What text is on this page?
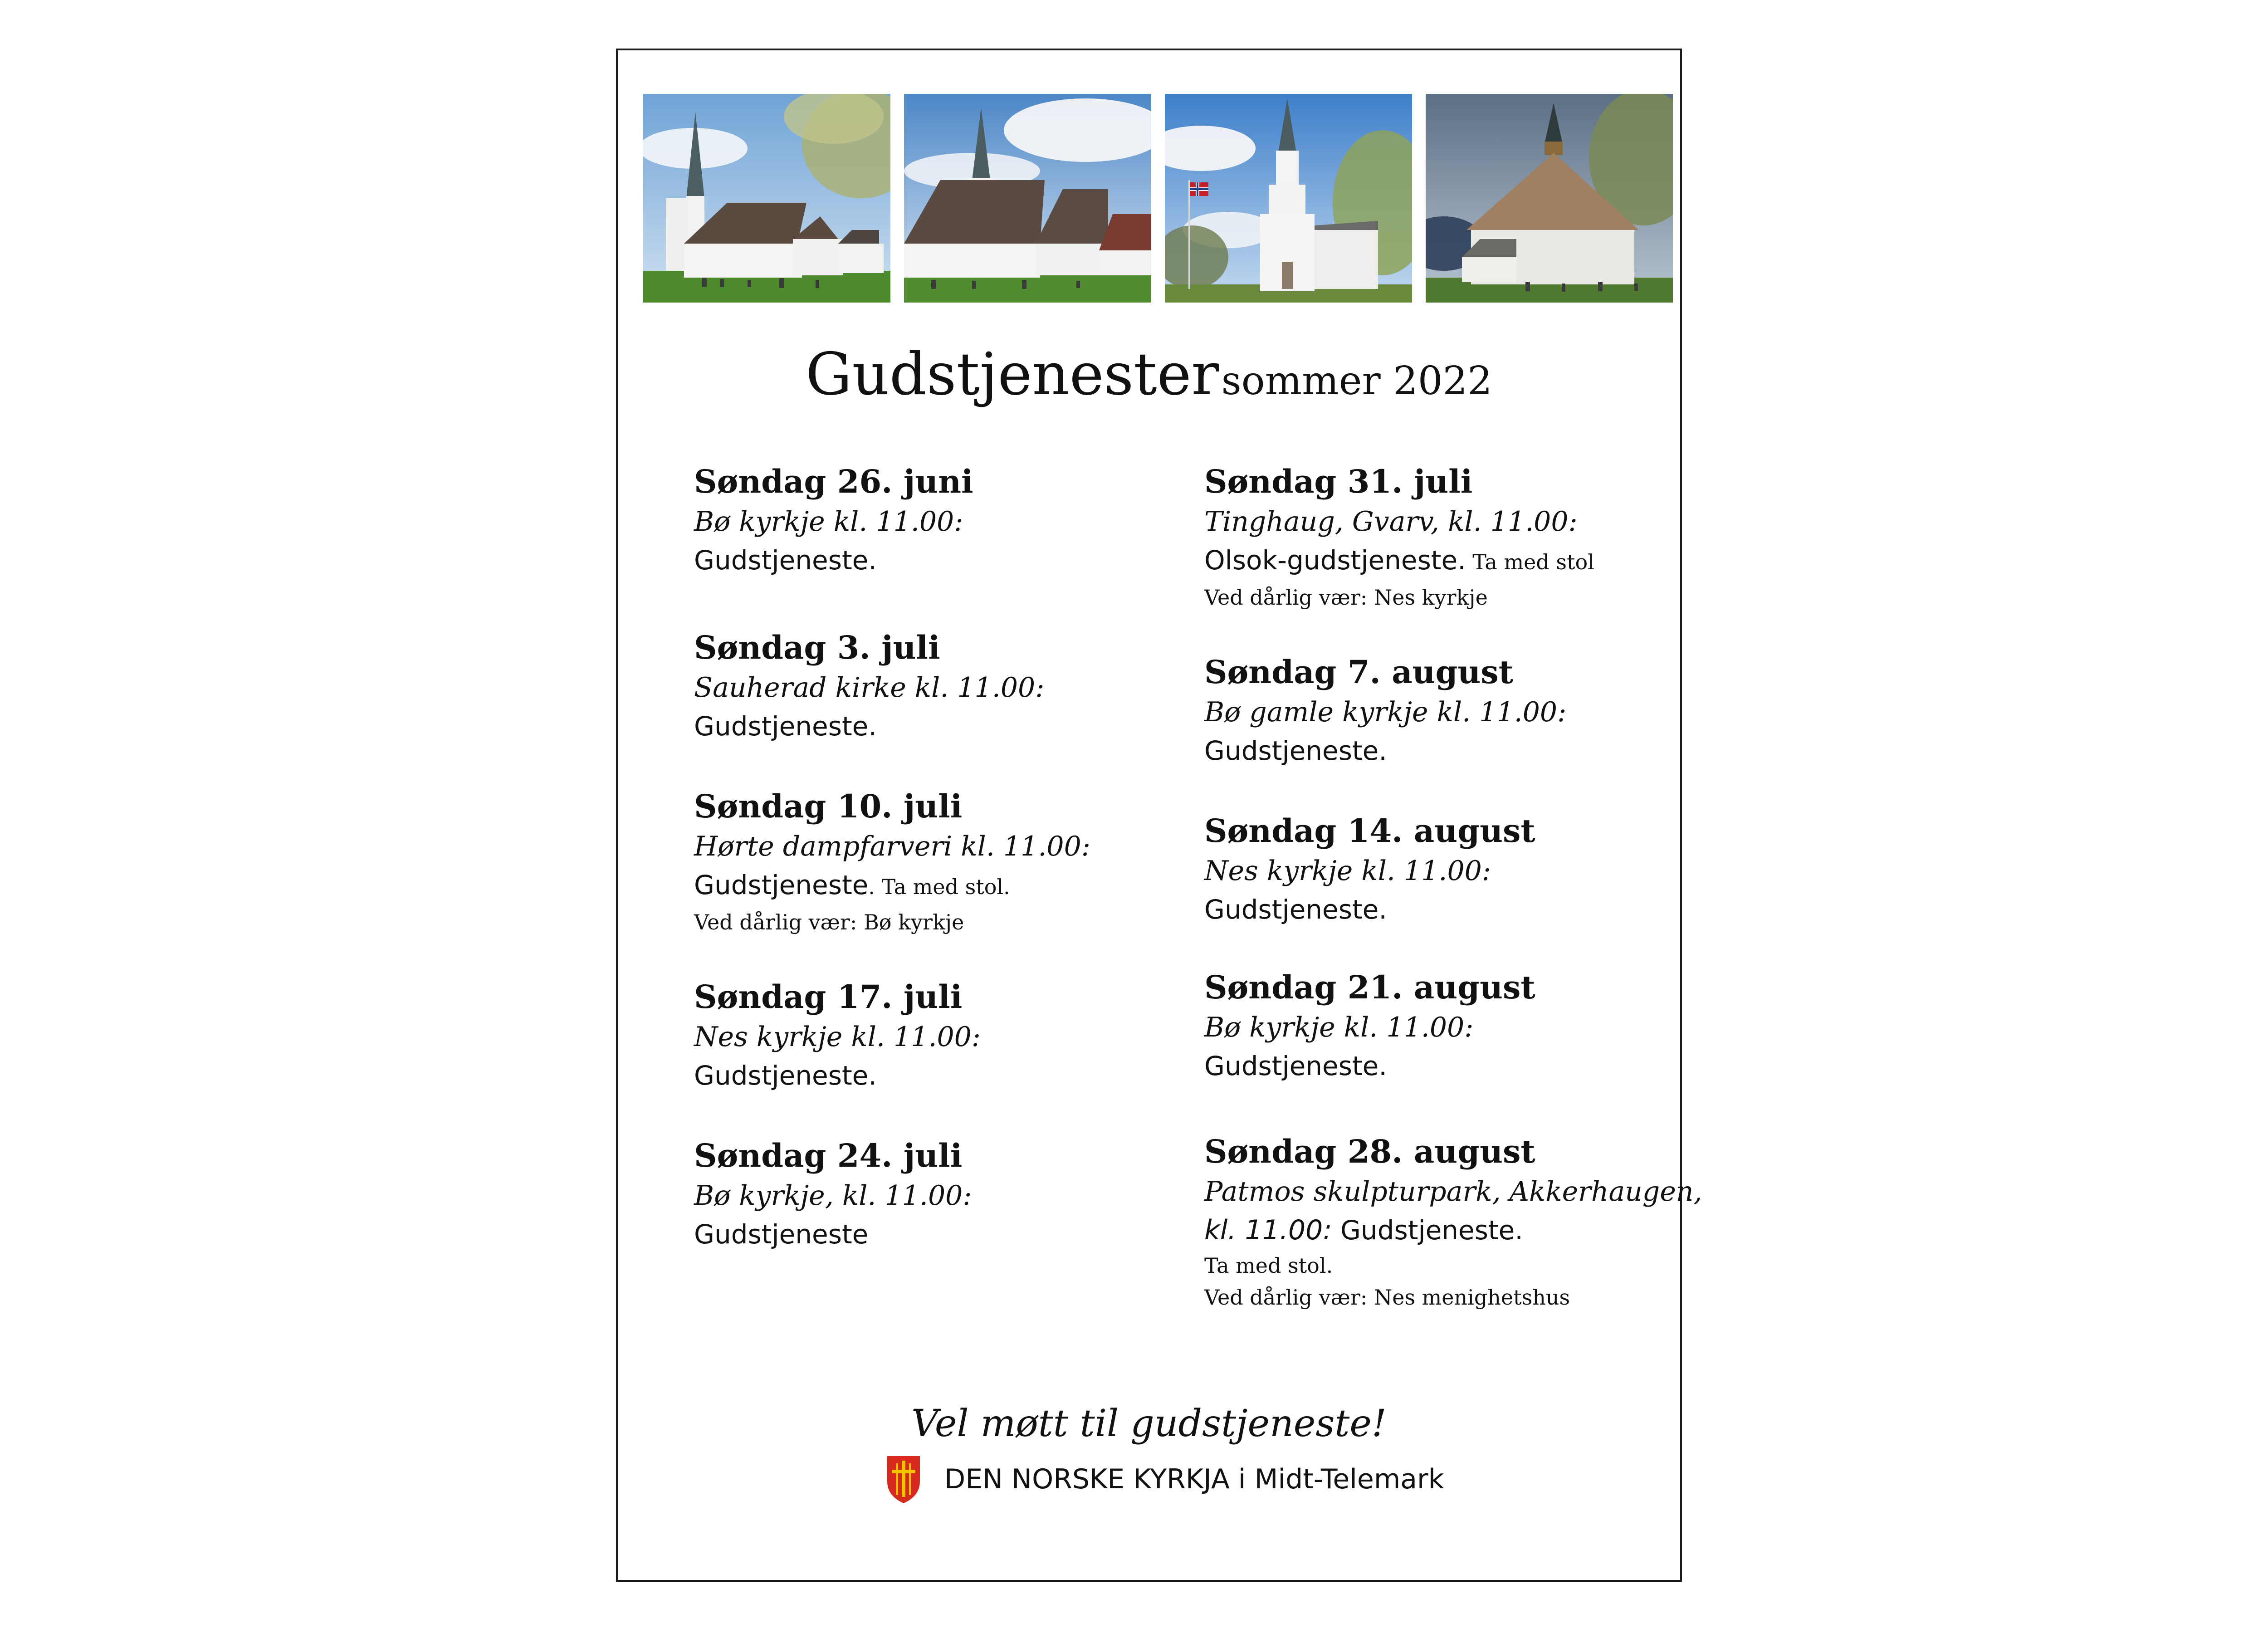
Gudstjenester sommer 2022
Søndag 26. juni
Bø kyrkje kl. 11.00:
Gudstjeneste.
Søndag 3. juli
Sauherad kirke kl. 11.00:
Gudstjeneste.
Søndag 10. juli
Hørte dampfarveri kl. 11.00:
Gudstjeneste. Ta med stol.
Ved dårlig vær: Bø kyrkje
Søndag 17. juli
Nes kyrkje kl. 11.00:
Gudstjeneste.
Søndag 24. juli
Bø kyrkje, kl. 11.00:
Gudstjeneste
Søndag 31. juli
Tinghaug, Gvarv, kl. 11.00:
Olsok-gudstjeneste. Ta med stol
Ved dårlig vær: Nes kyrkje
Søndag 7. august
Bø gamle kyrkje kl. 11.00:
Gudstjeneste.
Søndag 14. august
Nes kyrkje kl. 11.00:
Gudstjeneste.
Søndag 21. august
Bø kyrkje kl. 11.00:
Gudstjeneste.
Søndag 28. august
Patmos skulpturpark, Akkerhaugen,
kl. 11.00: Gudstjeneste.
Ta med stol.
Ved dårlig vær: Nes menighetshus
Vel møtt til gudstjeneste!
DEN NORSKE KYRKJA i Midt-Telemark
